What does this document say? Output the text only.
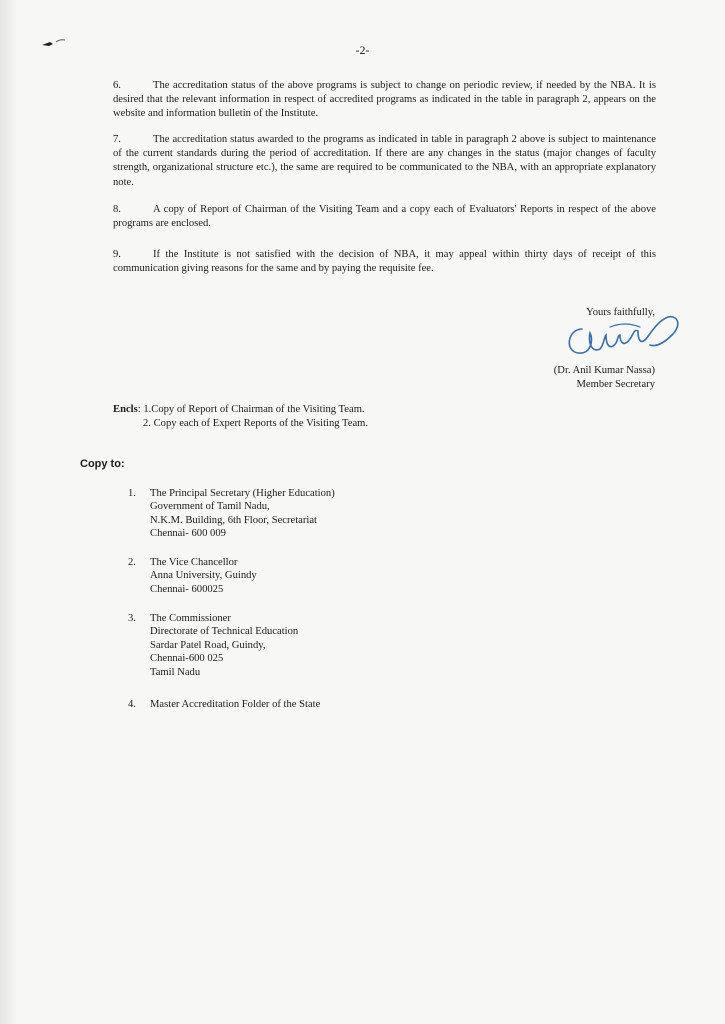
-2-

6.	The accreditation status of the above programs is subject to change on periodic review, if needed by the NBA. It is desired that the relevant information in respect of accredited programs as indicated in the table in paragraph 2, appears on the website and information bulletin of the Institute.

7.	The accreditation status awarded to the programs as indicated in table in paragraph 2 above is subject to maintenance of the current standards during the period of accreditation. If there are any changes in the status (major changes of faculty strength, organizational structure etc.), the same are required to be communicated to the NBA, with an appropriate explanatory note.

8.	A copy of Report of Chairman of the Visiting Team and a copy each of Evaluators' Reports in respect of the above programs are enclosed.

9.	If the Institute is not satisfied with the decision of NBA, it may appeal within thirty days of receipt of this communication giving reasons for the same and by paying the requisite fee.

Yours faithfully,
(Dr. Anil Kumar Nassa)
Member Secretary
Encls: 1.Copy of Report of Chairman of the Visiting Team.
2. Copy each of Expert Reports of the Visiting Team.
Copy to:
1. The Principal Secretary (Higher Education)
Government of Tamil Nadu,
N.K.M. Building, 6th Floor, Secretariat
Chennai- 600 009
2. The Vice Chancellor
Anna University, Guindy
Chennai- 600025
3. The Commissioner
Directorate of Technical Education
Sardar Patel Road, Guindy,
Chennai-600 025
Tamil Nadu
4. Master Accreditation Folder of the State
